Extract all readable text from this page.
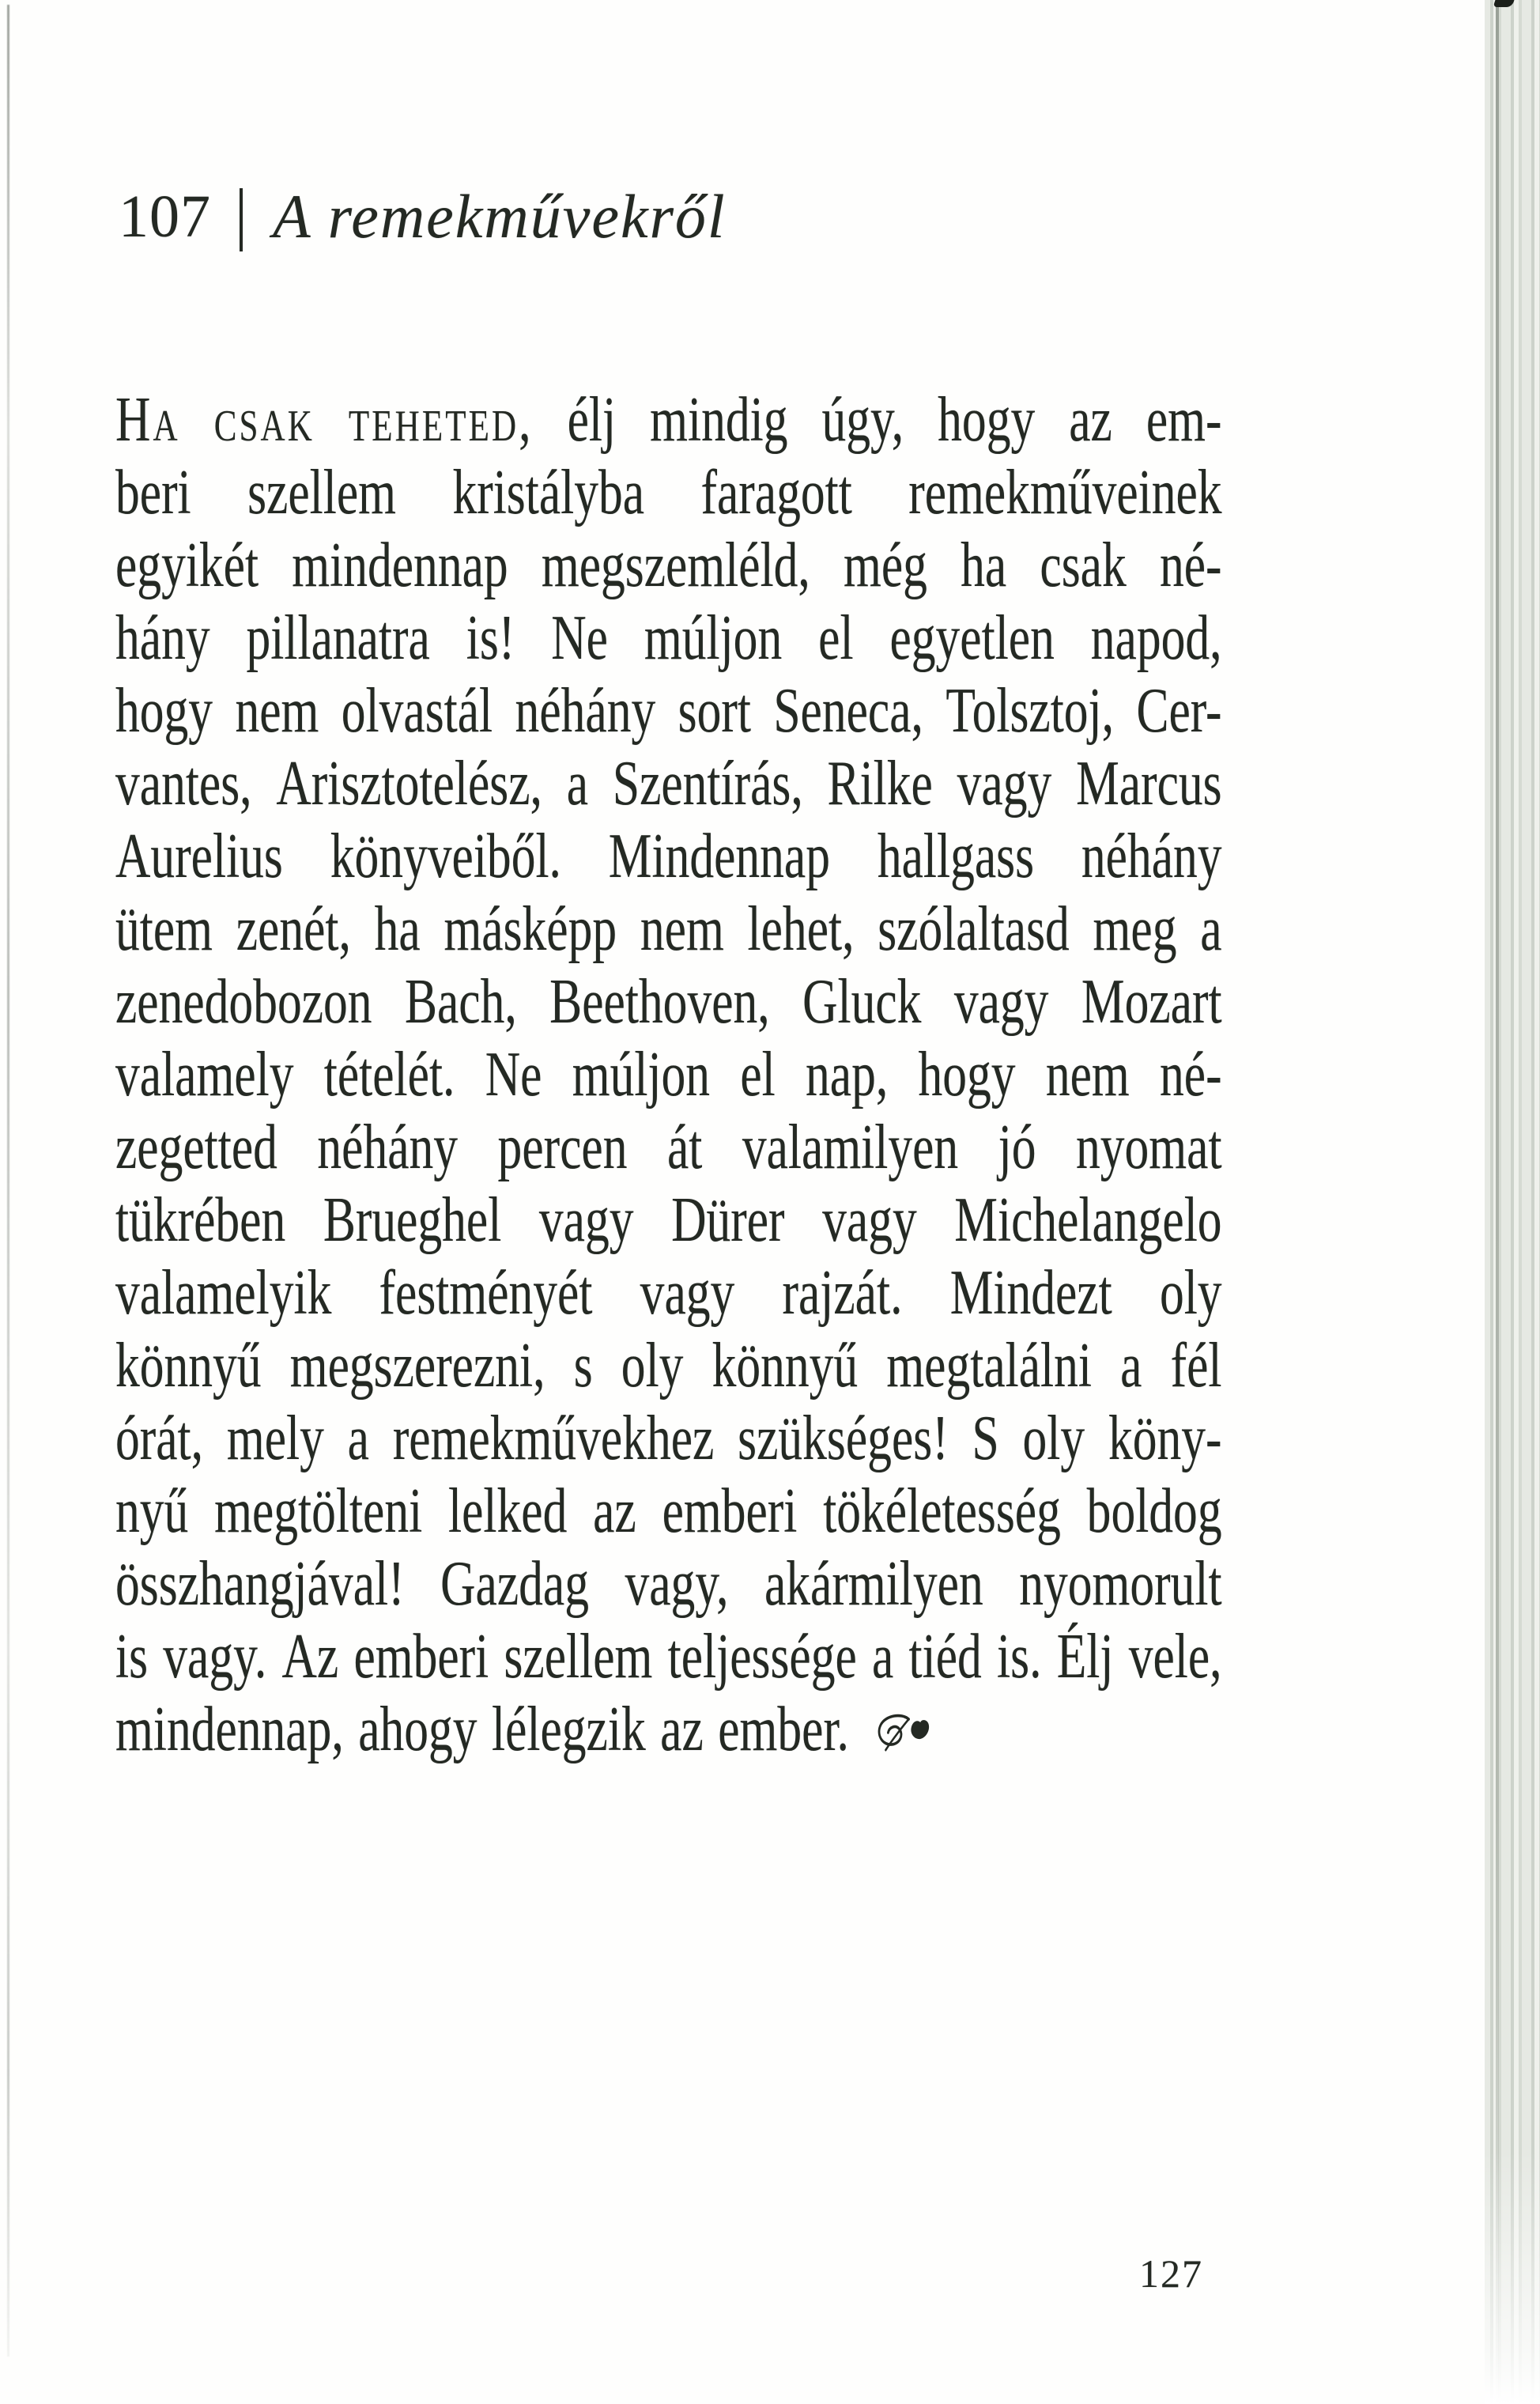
107 A remekművekről
Ha csak teheted, élj mindig úgy, hogy az em-
beri szellem kristályba faragott remekműveinek
egyikét mindennap megszemléld, még ha csak né-
hány pillanatra is! Ne múljon el egyetlen napod,
hogy nem olvastál néhány sort Seneca, Tolsztoj, Cer-
vantes, Arisztotelész, a Szentírás, Rilke vagy Marcus
Aurelius könyveiből. Mindennap hallgass néhány
ütem zenét, ha másképp nem lehet, szólaltasd meg a
zenedobozon Bach, Beethoven, Gluck vagy Mozart
valamely tételét. Ne múljon el nap, hogy nem né-
zegetted néhány percen át valamilyen jó nyomat
tükrében Brueghel vagy Dürer vagy Michelangelo
valamelyik festményét vagy rajzát. Mindezt oly
könnyű megszerezni, s oly könnyű megtalálni a fél
órát, mely a remekművekhez szükséges! S oly köny-
nyű megtölteni lelked az emberi tökéletesség boldog
összhangjával! Gazdag vagy, akármilyen nyomorult
is vagy. Az emberi szellem teljessége a tiéd is. Élj vele,
mindennap, ahogy lélegzik az ember.
127
